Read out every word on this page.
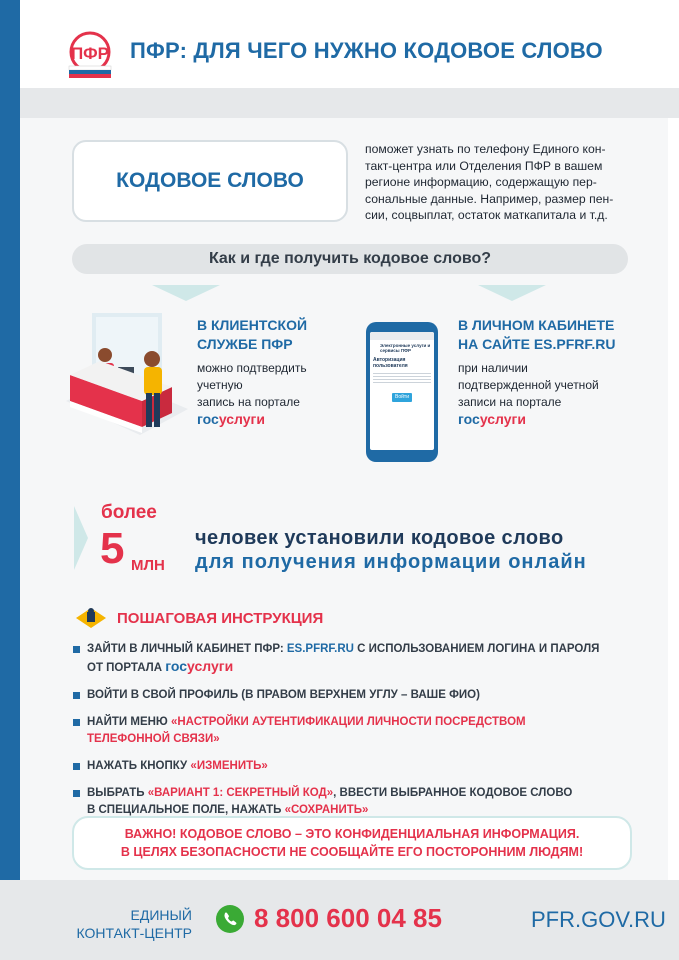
ПФР ПФР: ДЛЯ ЧЕГО НУЖНО КОДОВОЕ СЛОВО
КОДОВОЕ СЛОВО
поможет узнать по телефону Единого кон-
такт-центра или Отделения ПФР в вашем
регионе информацию, содержащую пер-
сональные данные. Например, размер пен-
сии, соцвыплат, остаток маткапитала и т.д.
Как и где получить кодовое слово?
В КЛИЕНТСКОЙ
СЛУЖБЕ ПФР
можно подтвердить
учетную
запись на портале
госуслуги
Электронные услуги и сервисы ПФР
Авторизация пользователя
Войти
В ЛИЧНОМ КАБИНЕТЕ
НА САЙТЕ ES.PFRF.RU
при наличии
подтвержденной учетной
записи на портале
госуслуги
более
5 МЛН
человек установили кодовое слово
для получения информации онлайн
ПОШАГОВАЯ ИНСТРУКЦИЯ
ЗАЙТИ В ЛИЧНЫЙ КАБИНЕТ ПФР: ES.PFRF.RU С ИСПОЛЬЗОВАНИЕМ ЛОГИНА И ПАРОЛЯ
ОТ ПОРТАЛА госуслуги
ВОЙТИ В СВОЙ ПРОФИЛЬ (В ПРАВОМ ВЕРХНЕМ УГЛУ – ВАШЕ ФИО)
НАЙТИ МЕНЮ «НАСТРОЙКИ АУТЕНТИФИКАЦИИ ЛИЧНОСТИ ПОСРЕДСТВОМ
ТЕЛЕФОННОЙ СВЯЗИ»
НАЖАТЬ КНОПКУ «ИЗМЕНИТЬ»
ВЫБРАТЬ «ВАРИАНТ 1: СЕКРЕТНЫЙ КОД», ВВЕСТИ ВЫБРАННОЕ КОДОВОЕ СЛОВО
В СПЕЦИАЛЬНОЕ ПОЛЕ, НАЖАТЬ «СОХРАНИТЬ»
ВАЖНО! КОДОВОЕ СЛОВО – ЭТО КОНФИДЕНЦИАЛЬНАЯ ИНФОРМАЦИЯ.
В ЦЕЛЯХ БЕЗОПАСНОСТИ НЕ СООБЩАЙТЕ ЕГО ПОСТОРОННИМ ЛЮДЯМ!
ЕДИНЫЙ
КОНТАКТ-ЦЕНТР 8 800 600 04 85	PFR.GOV.RU
